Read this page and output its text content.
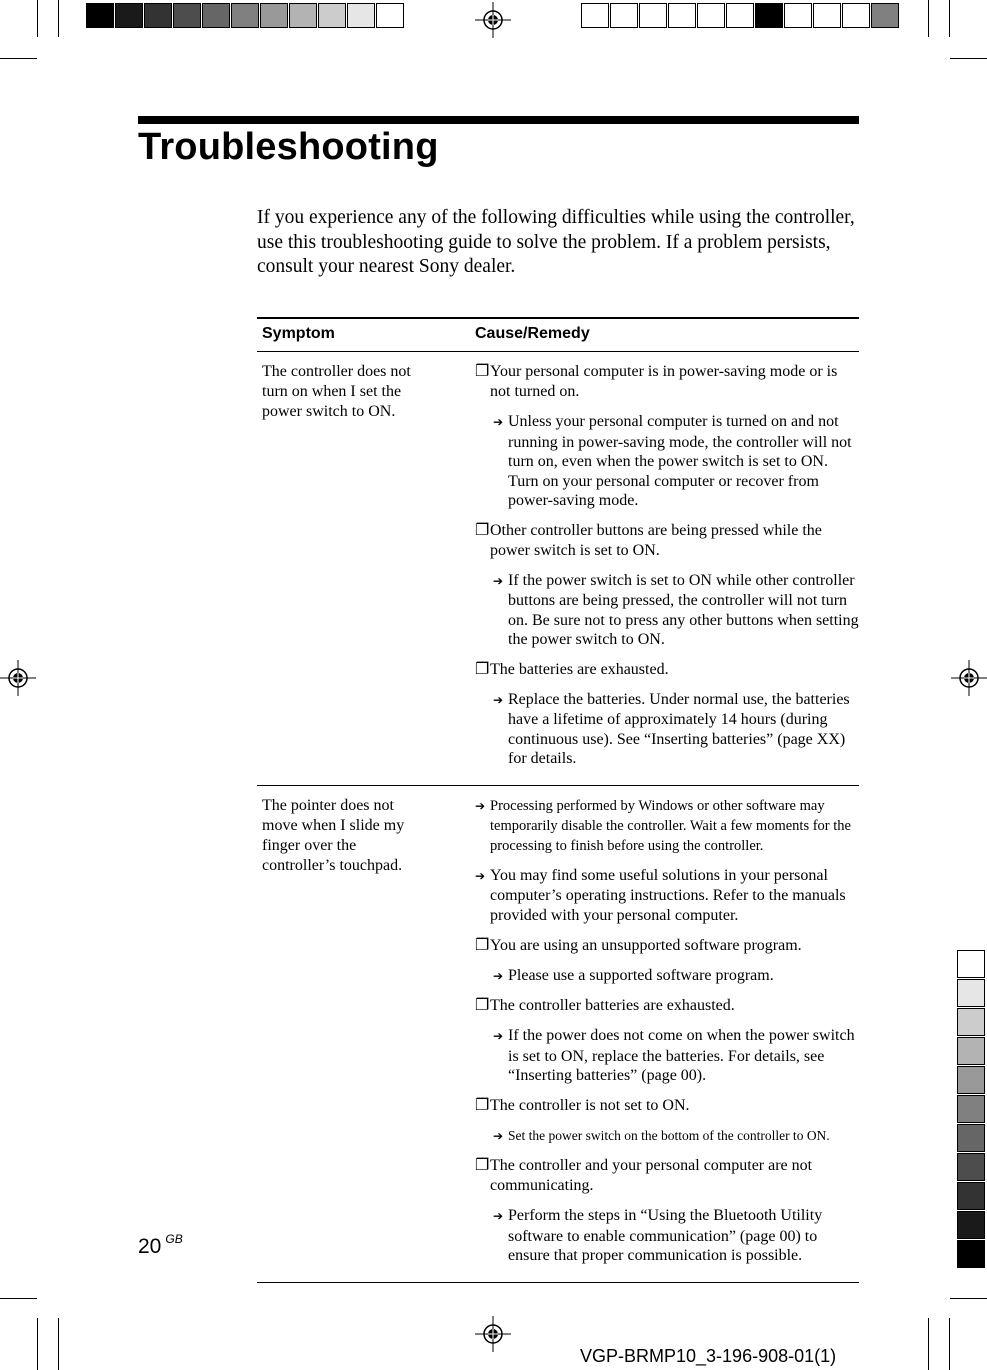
Troubleshooting

If you experience any of the following difficulties while using the controller, use this troubleshooting guide to solve the problem. If a problem persists, consult your nearest Sony dealer.

Symptom	Cause/Remedy
The controller does not turn on when I set the power switch to ON.

❐Your personal computer is in power-saving mode or is not turned on.

➔ Unless your personal computer is turned on and not running in power-saving mode, the controller will not turn on, even when the power switch is set to ON. Turn on your personal computer or recover from power-saving mode.

❐Other controller buttons are being pressed while the power switch is set to ON.

➔ If the power switch is set to ON while other controller buttons are being pressed, the controller will not turn on. Be sure not to press any other buttons when setting the power switch to ON.

❐The batteries are exhausted.

➔ Replace the batteries. Under normal use, the batteries have a lifetime of approximately 14 hours (during continuous use). See “Inserting batteries” (page XX) for details.

The pointer does not move when I slide my finger over the controller’s touchpad.

➔ Processing performed by Windows or other software may temporarily disable the controller. Wait a few moments for the processing to finish before using the controller.

➔ You may find some useful solutions in your personal computer’s operating instructions. Refer to the manuals provided with your personal computer.

❐You are using an unsupported software program.

➔ Please use a supported software program.

❐The controller batteries are exhausted.

➔ If the power does not come on when the power switch is set to ON, replace the batteries. For details, see “Inserting batteries” (page 00).

❐The controller is not set to ON.

➔ Set the power switch on the bottom of the controller to ON.

❐The controller and your personal computer are not communicating.

➔ Perform the steps in “Using the Bluetooth Utility software to enable communication” (page 00) to ensure that proper communication is possible.

20 $^{GB}$
VGP-BRMP10_3-196-908-01(1)
